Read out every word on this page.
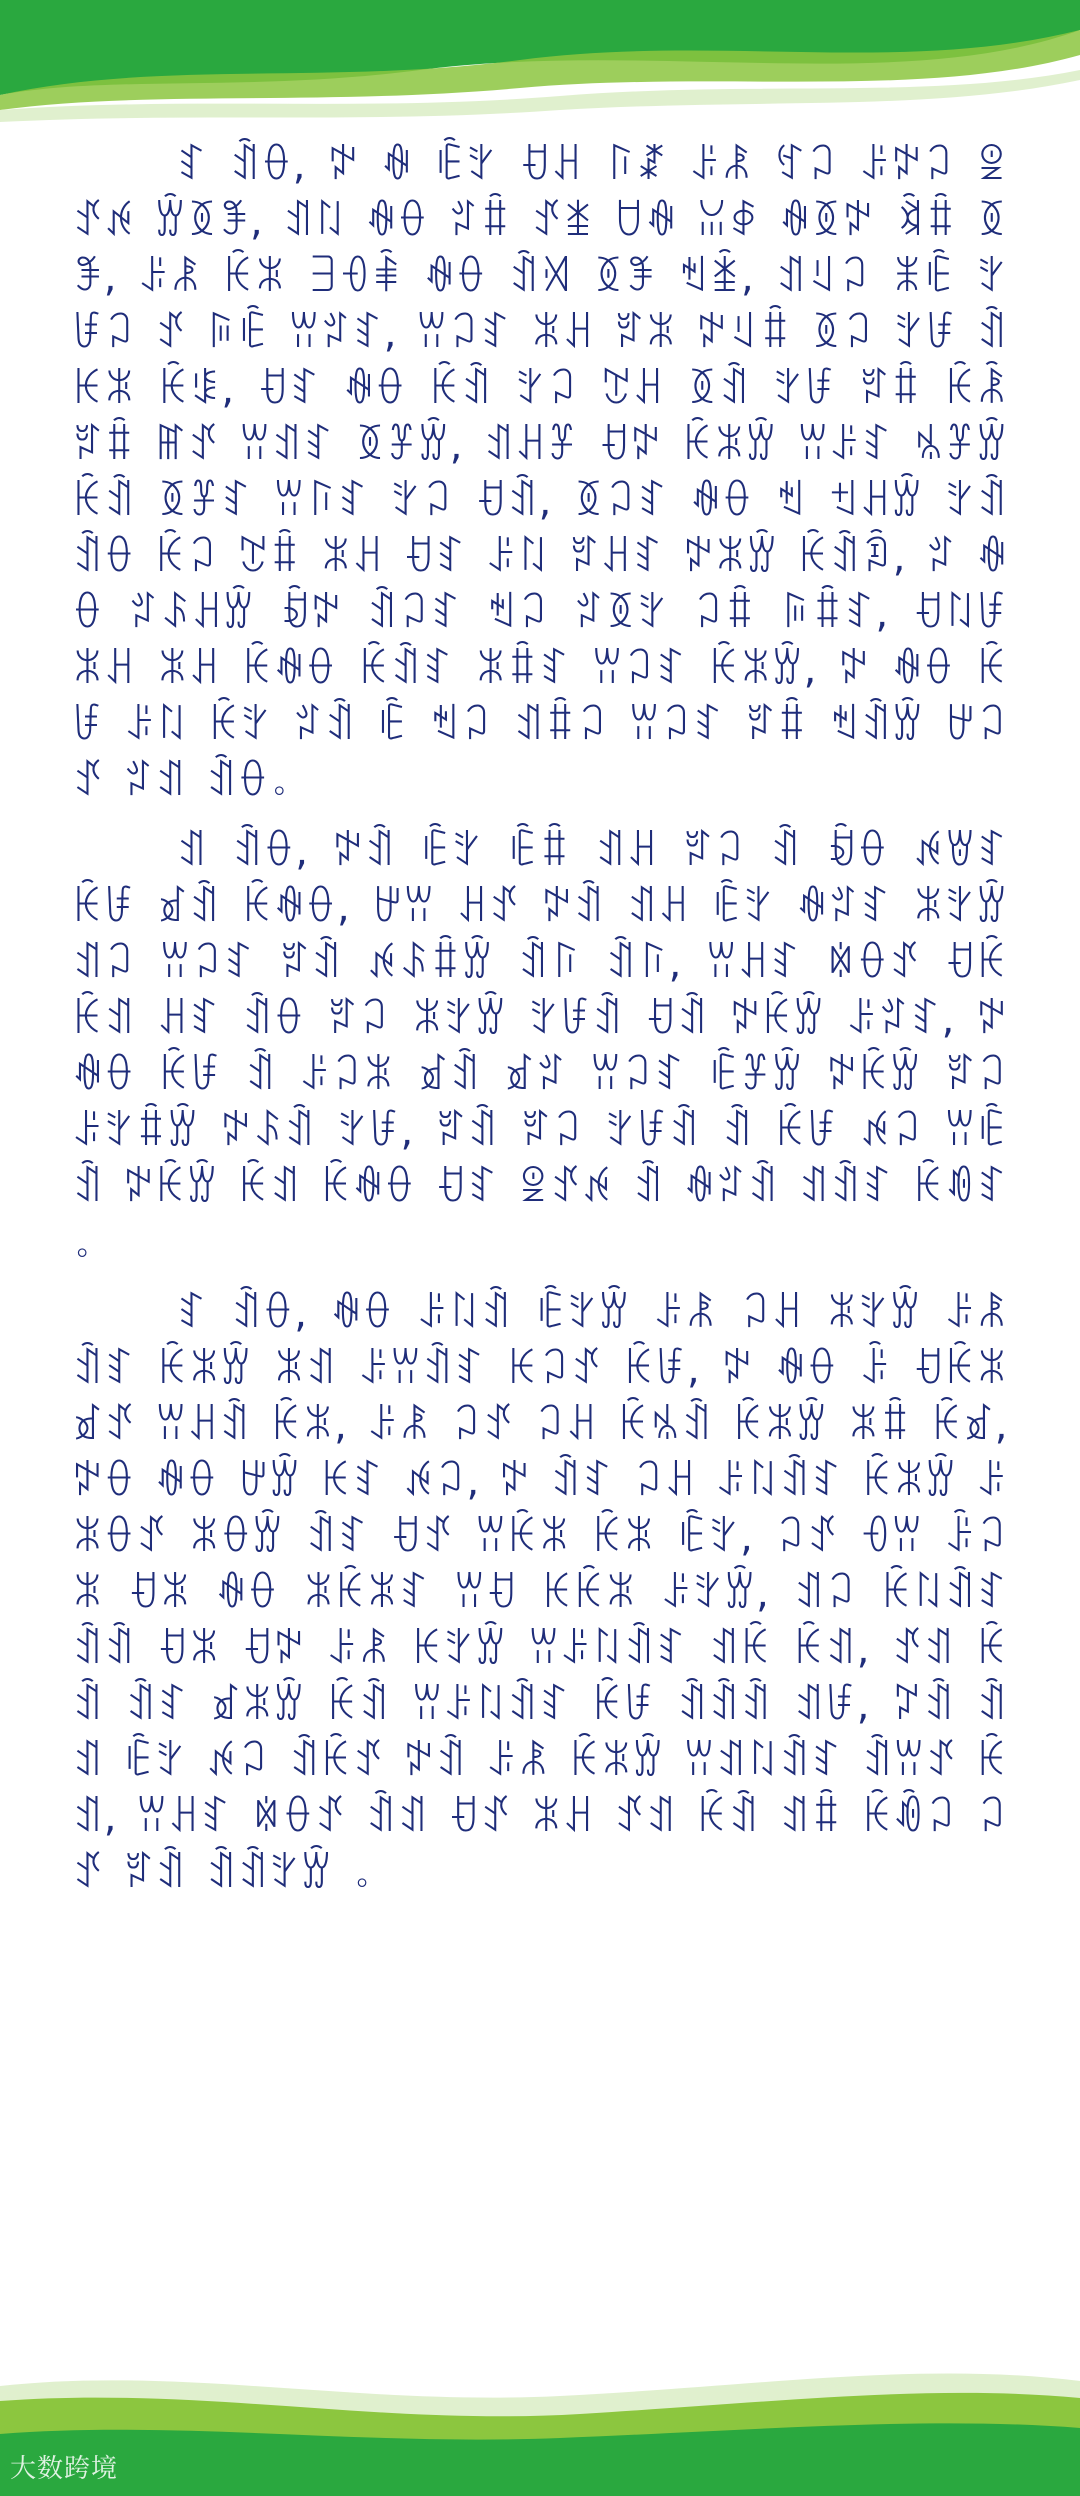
ꆏ ꀉꂷ, ꉢ ꊿ ꍟꇬ ꀀꃅ ꑍꊨ ꌠꂿ ꉐꃀ ꌠꉢꃀ ꑓꀋꉌ ꑢꅉꊈ, ꀊꇁ ꊿꂷ ꄂꐙ ꀋꁧ ꇴꊿ ꈍꇉ ꊿꅉꉢ ꃕꐙ ꅉꊈ, ꌠꂿ ꀗꍝ ꎆꌡꑋ ꊿꂷ ꀉꄉ ꅉꊈ ꈐꁦ, ꀊꆹꃀ ꂓꍟ ꇬꀱꃀ ꀋ ꌕꍟ ꀕꄂꆏ, ꀕꃀꆏ ꍝꃅ ꆍꍝ ꉢꆹꐙ ꅉꃀ ꇬꀱ ꀉꀘꍝ ꀗꌐ, ꀀꆏ ꊿꂷ ꀗꀉ ꇬꃀ ꇖꃅ ꅉꀉ ꇬꀱ ꆍꐙ ꀗꂾ ꆍꐙ ꂵꀋ ꀕꀊꆏ ꅉꐞꑢ, ꀊꃅꐞ ꀀꉢ ꀗꍝꑢ ꀕꌠꆏ ꁱꐞꑢ ꀗꀉ ꅉꐞꆏ ꀕꑍꆏ ꇬꃀ ꀀꀉ, ꅉꃀꆏ ꊿꂷ ꈐ ꉬꃅꑢ ꇬꀉ ꀉꂷ ꀗꃀ ꇖꐙ ꍝꃅ ꀀꆏ ꌠꇁ ꆍꃅꆏ ꉢꍝꑢ ꀗꀉꀢ, ꄂ ꊿꂷ ꄂꌺꃅꑢ ꀁꉢ ꀉꃀꆏ ꈐꃀ ꄂꅉꇬ ꃀꐙ ꌕꐙꆏ, ꀀꇁꀱ ꍝꃅ ꍝꃅ ꀗꊿꂷ ꀗꀉꆏ ꍝꐙꆏ ꀕꃀꆏ ꀗꍝꑢ, ꉢ ꊿꂷ ꀗꀱ ꌠꇁ ꀗꇬ ꄂꀉ ꍟ ꈐꃀ ꀊꐙꃀ ꀕꃀꆏ ꆍꐙ ꈐꀉꑢ ꉠꃀꀋ ꄂꀊ ꀉꂷ。

ꀊ ꀉꂷ, ꉢꀉ ꍟꇬ ꍟꐙ ꀊꃅ ꆍꃀ ꀉ ꀁꂷ ꉌꇐꆏ ꀗꀱ ꀃꀉ ꀗꊿꂷ, ꉠꀕ ꃅꀋ ꉢꀉ ꀊꃅ ꍟꇬ ꊿꄂꆏ ꍝꇬꑢ ꀊꃀ ꀕꃀꆏ ꆍꀉ ꉌꌺꐙꑢ ꀉꑍ ꀉꑍ, ꀕꃅꆏ ꉈꂷꀋ ꀀꀗ ꀗꀊ ꃅꆏ ꀉꂷ ꆍꃀ ꍝꇬꑢ ꇬꀱꀉ ꀀꀉ ꉢꀗꑢ ꌠꄂꆏ, ꉢ ꊿꂷ ꀗꀱ ꀉ ꌠꃀꍝ ꀃꀉ ꀃꄂ ꀕꃀꆏ ꍟꐞꑢ ꉢꀗꑢ ꆍꃀ ꌠꇬꐙꑢ ꉢꌺꀉ ꇬꀱ, ꆍꀉ ꆍꃀ ꇬꀱꀉ ꀉ ꀗꀱ ꉌꃀ ꀕꍟꀉ ꉢꀗꑢ ꀗꀊ ꀗꊿꂷ ꀀꆏ ꑓꀋꉌ ꀉ ꊿꄂꀉ ꀊꀉꆏ ꀗꀑꆏ 。

ꆏ ꀉꂷ, ꊿꂷ ꌠꇁꀉ ꍟꇬꑢ ꌠꂿ ꃀꃅ ꍝꇬꑢ ꌠꂿꀉꆏ ꀗꍝꑢ ꍝꀊ ꌠꀕꀉꆏ ꀘꃀꀋ ꀗꀱ, ꉢ ꊿꂷ ꌟ ꀀꀗꍝ ꀃꀋ ꀕꃅꀉ ꀗꍝ, ꌠꂿ ꃀꀋ ꃀꃅ ꀗꁱꀉ ꀗꍝꑢ ꍝꐙ ꀗꀃ, ꉢꂷ ꊿꂷ ꉠꑢ ꀘꆏ ꉌꃀ, ꉢ ꀉꆏ ꃀꃅ ꌠꇁꀉꆏ ꀗꍝꑢ ꌠꍝꂷꀋ ꍝꂷꑢ ꀉꆏ ꀀꀋ ꀕꀗꍝ ꀗꍝ ꍟꇬ, ꃀꀋ ꌡꀕ ꌟꃀꍝ ꀀꍝ ꊿꂷ ꍝꀗꍝꆏ ꀕꀀ ꀘꀗꍝ ꌠꇬꑢ, ꀊꃀ ꀗꇁꀉꆏ ꀉꀉ ꀀꍝ ꀀꉢ ꌠꂿ ꀘꇬꑢ ꀕꌠꇁꀉꆏ ꀊꀗ ꀗꀊ, ꀋꀊ ꀗꀉ ꀉꆏ ꀃꍝꑢ ꀗꀉ ꀕꌠꇁꀉꆏ ꀗꀱ ꀉꀉꀉ ꀊꀱ, ꇗꀉ ꀉꀊ ꍟꇬ ꉌꃀ ꀉꀗꀋ ꉢꀉ ꌠꂿ ꀗꍝꑢ ꀕꀊꇁꀉꆏ ꀉꀕꀋ ꀗꀊ, ꀕꃅꆏ ꉈꂷꀋ ꀉꀊ ꀀꀋ ꍝꃅ ꀋꀊ ꀗꀉ ꀊꐙ ꀗꀐꃀ ꃀꀋ ꆍꀉ ꀉꀉꇬꑢ 。

大数跨境
